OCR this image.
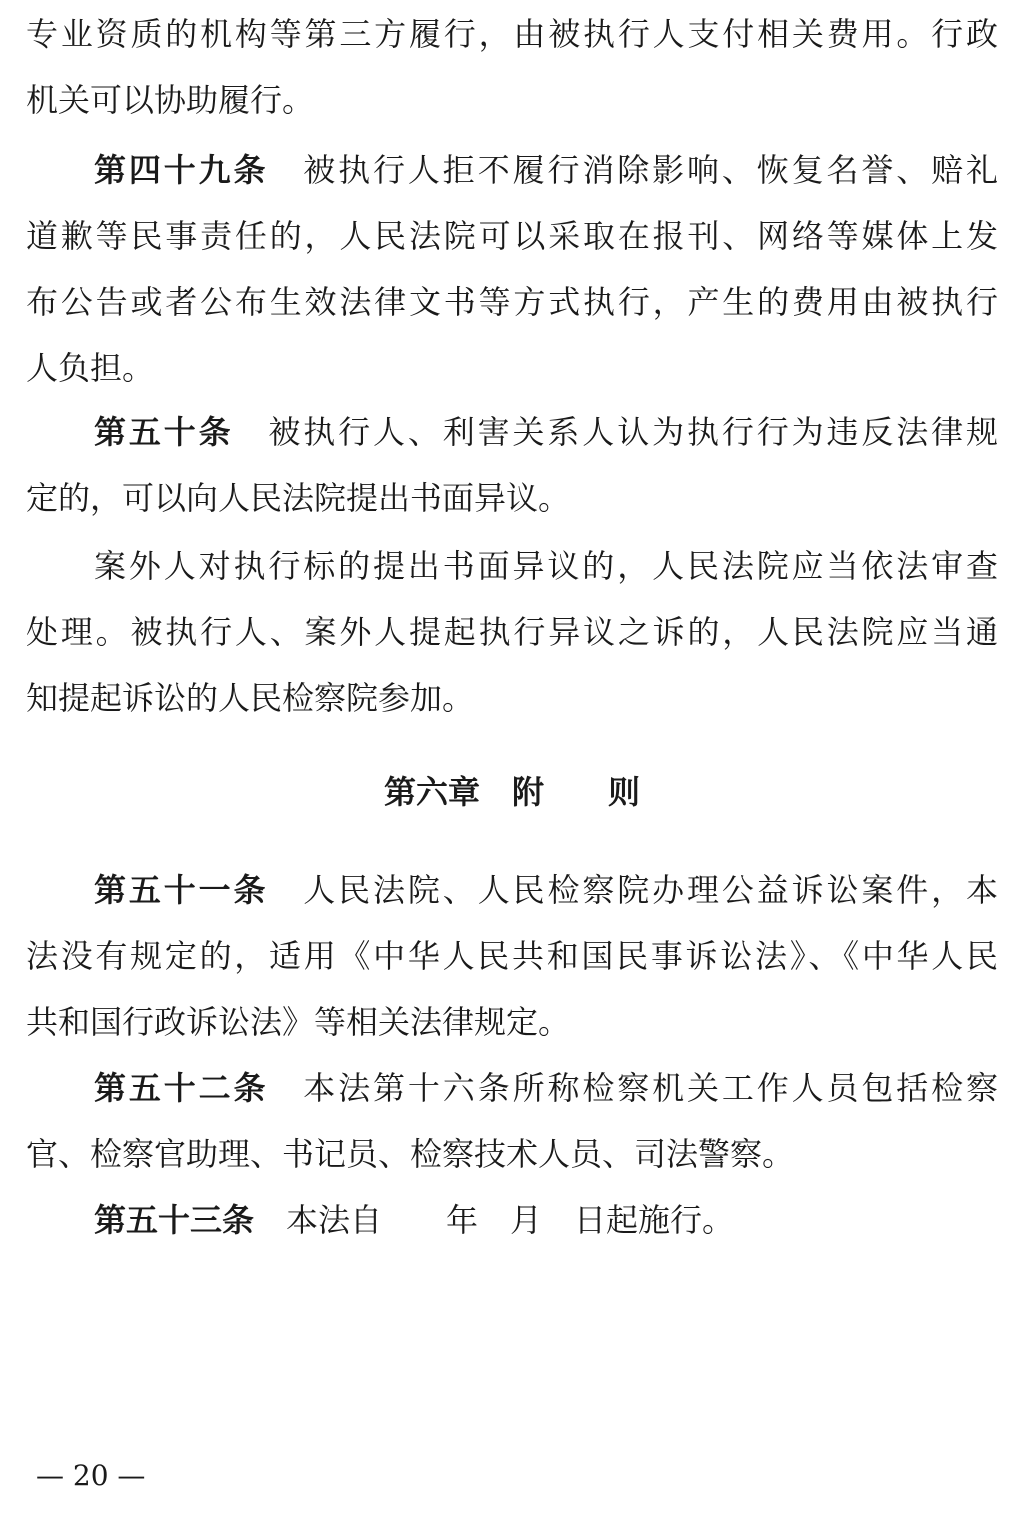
专业资质的机构等第三方履行，由被执行人支付相关费用。行政
机关可以协助履行。
第四十九条　 被执行人拒不履行消除影响、恢复名誉、赔礼
道歉等民事责任的，人民法院可以采取在报刊、网络等媒体上发
布公告或者公布生效法律文书等方式执行，产生的费用由被执行
人负担。
第五十条　 被执行人、利害关系人认为执行行为违反法律规
定的，可以向人民法院提出书面异议。
案外人对执行标的提出书面异议的，人民法院应当依法审查
处理。被执行人、案外人提起执行异议之诉的，人民法院应当通
知提起诉讼的人民检察院参加。
第六章　附　　则
第五十一条　 人民法院、人民检察院办理公益诉讼案件，本
法没有规定的，适用《中华人民共和国民事诉讼法》、《中华人民
共和国行政诉讼法》等相关法律规定。
第五十二条　 本法第十六条所称检察机关工作人员包括检察
官、检察官助理、书记员、检察技术人员、司法警察。
第五十三条　 本法自　　年　月　日起施行。
— 20 —
